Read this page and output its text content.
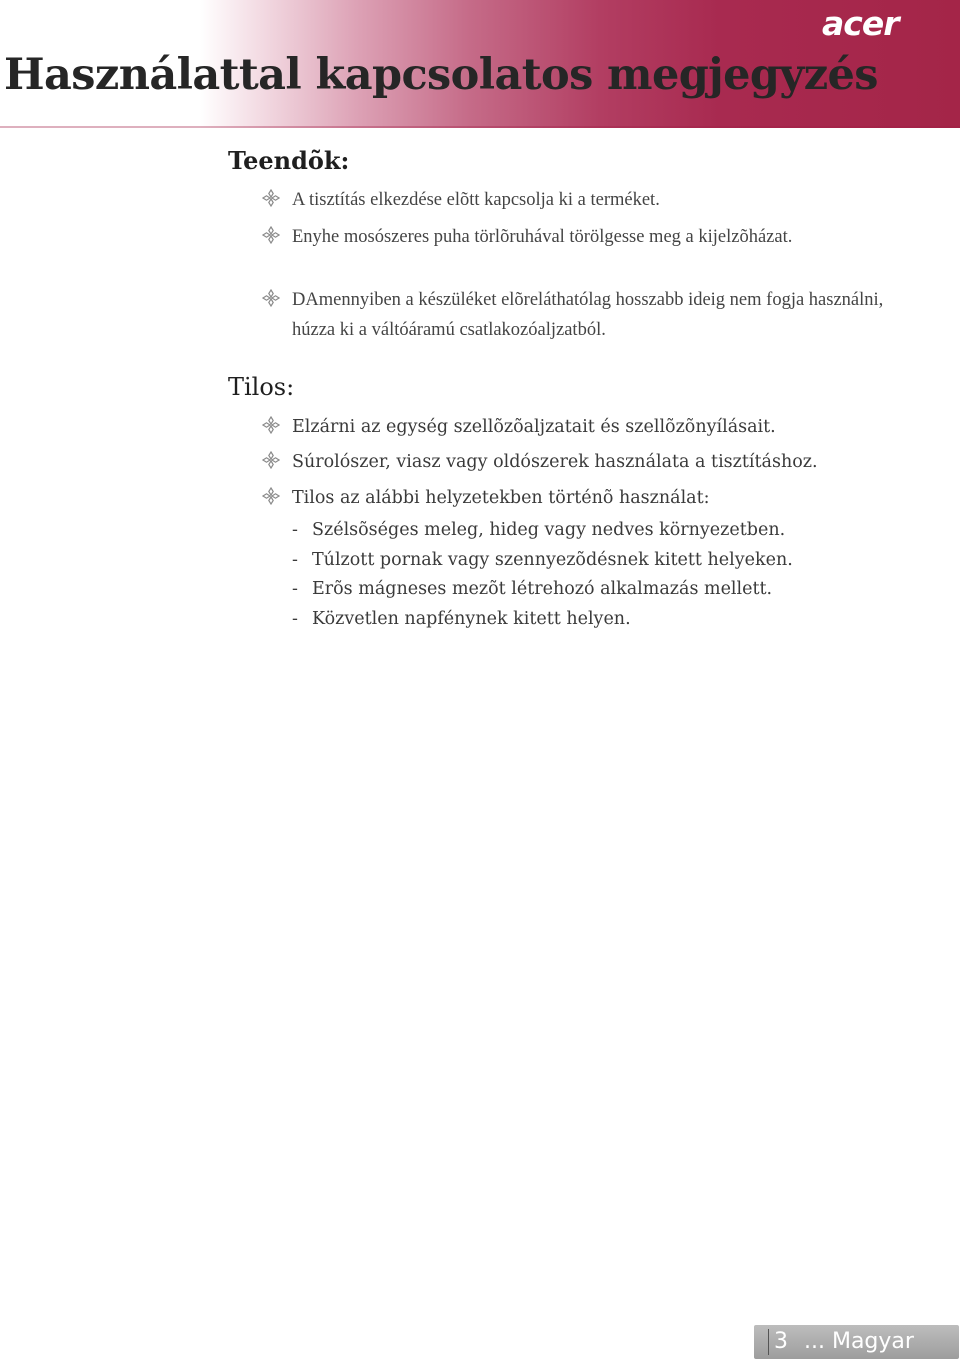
Használattal kapcsolatos megjegyzés
acer
Teendõk:
A tisztítás elkezdése elõtt kapcsolja ki a terméket.
Enyhe mosószeres puha törlõruhával törölgesse meg a kijelzõházat.
DAmennyiben a készüléket elõreláthatólag hosszabb ideig nem fogja használni, húzza ki a váltóáramú csatlakozóaljzatból.
Tilos:
Elzárni az egység szellõzõaljzatait és szellõzõnyílásait.
Súrolószer, viasz vagy oldószerek használata a tisztításhoz.
Tilos az alábbi helyzetekben történõ használat:
- Szélsõséges meleg, hideg vagy nedves környezetben.
- Túlzott pornak vagy szennyezõdésnek kitett helyeken.
- Erõs mágneses mezõt létrehozó alkalmazás mellett.
- Közvetlen napfénynek kitett helyen.
3 ... Magyar
